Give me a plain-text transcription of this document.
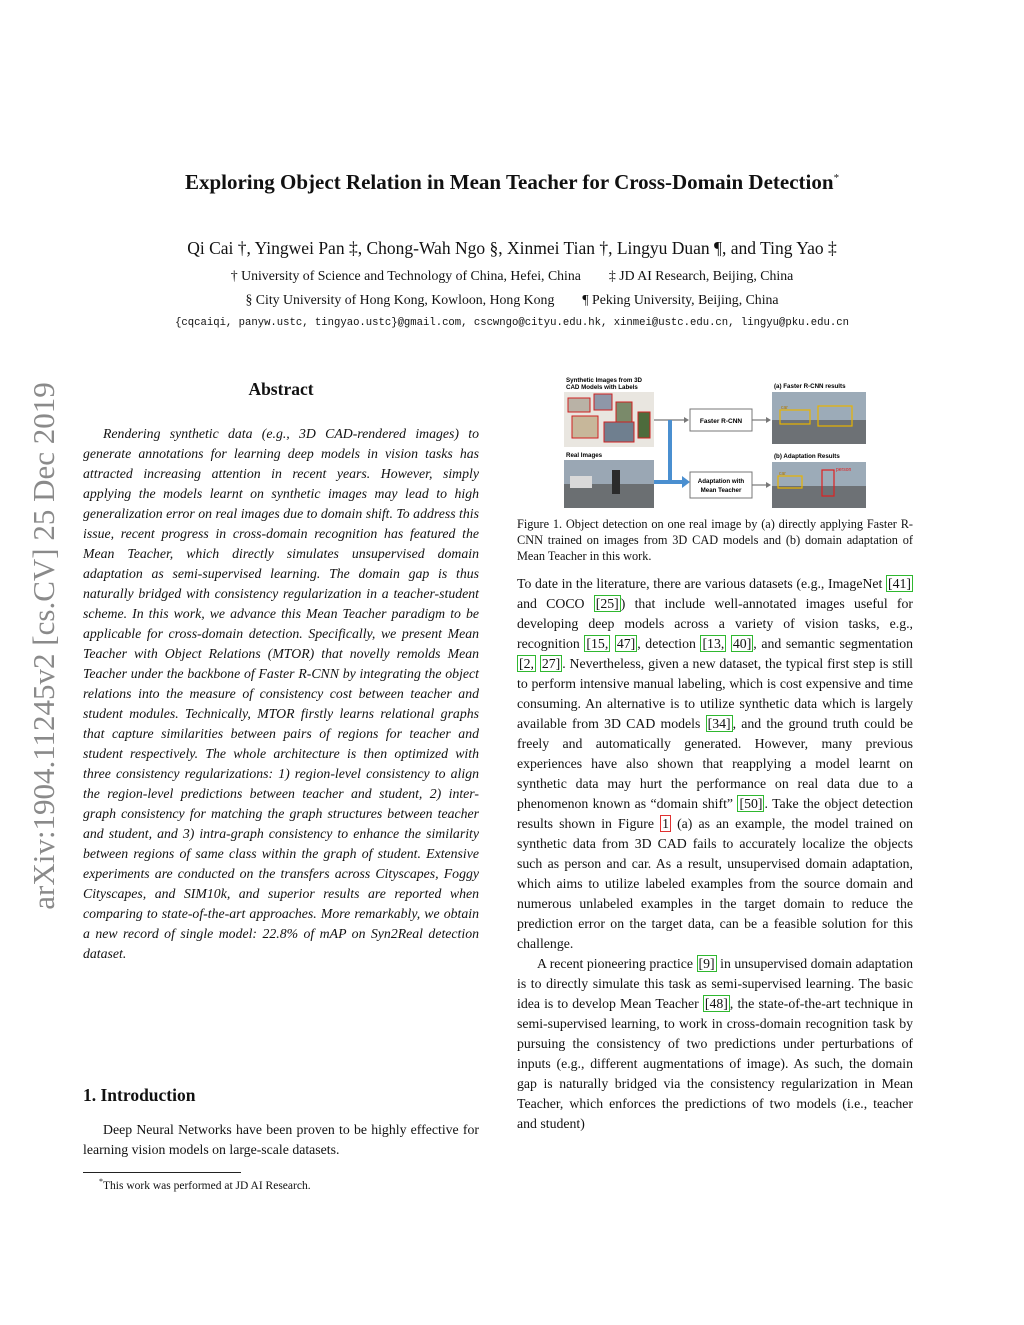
Exploring Object Relation in Mean Teacher for Cross-Domain Detection*
Qi Cai †, Yingwei Pan ‡, Chong-Wah Ngo §, Xinmei Tian †, Lingyu Duan ¶, and Ting Yao ‡
† University of Science and Technology of China, Hefei, China ‡ JD AI Research, Beijing, China
§ City University of Hong Kong, Kowloon, Hong Kong ¶ Peking University, Beijing, China
{cqcaiqi, panyw.ustc, tingyao.ustc}@gmail.com, cscwngo@cityu.edu.hk, xinmei@ustc.edu.cn, lingyu@pku.edu.cn
arXiv:1904.11245v2 [cs.CV] 25 Dec 2019	Abstract

Rendering synthetic data (e.g., 3D CAD-rendered images) to generate annotations for learning deep models in vision tasks has attracted increasing attention in recent years. However, simply applying the models learnt on synthetic images may lead to high generalization error on real images due to domain shift. To address this issue, recent progress in cross-domain recognition has featured the Mean Teacher, which directly simulates unsupervised domain adaptation as semi-supervised learning. The domain gap is thus naturally bridged with consistency regularization in a teacher-student scheme. In this work, we advance this Mean Teacher paradigm to be applicable for cross-domain detection. Specifically, we present Mean Teacher with Object Relations (MTOR) that novelly remolds Mean Teacher under the backbone of Faster R-CNN by integrating the object relations into the measure of consistency cost between teacher and student modules. Technically, MTOR firstly learns relational graphs that capture similarities between pairs of regions for teacher and student respectively. The whole architecture is then optimized with three consistency regularizations: 1) region-level consistency to align the region-level predictions between teacher and student, 2) inter-graph consistency for matching the graph structures between teacher and student, and 3) intra-graph consistency to enhance the similarity between regions of same class within the graph of student. Extensive experiments are conducted on the transfers across Cityscapes, Foggy Cityscapes, and SIM10k, and superior results are reported when comparing to state-of-the-art approaches. More remarkably, we obtain a new record of single model: 22.8% of mAP on Syn2Real detection dataset.

1. Introduction

Deep Neural Networks have been proven to be highly effective for learning vision models on large-scale datasets.

*This work was performed at JD AI Research.
Synthetic Images from 3D
CAD Models with Labels
Real Images
Faster R-CNN
Adaptation with
Mean Teacher
(a) Faster R-CNN results
car
(b) Adaptation Results
car
person
Figure 1. Object detection on one real image by (a) directly applying Faster R-CNN trained on images from 3D CAD models and (b) domain adaptation of Mean Teacher in this work.

To date in the literature, there are various datasets (e.g., ImageNet [41] and COCO [25] ) that include well-annotated images useful for developing deep models across a variety of vision tasks, e.g., recognition [15, 47] , detection [13, 40] , and semantic segmentation [2, 27] . Nevertheless, given a new dataset, the typical first step is still to perform intensive manual labeling, which is cost expensive and time consuming. An alternative is to utilize synthetic data which is largely available from 3D CAD models [34] , and the ground truth could be freely and automatically generated. However, many previous experiences have also shown that reapplying a model learnt on synthetic data may hurt the performance on real data due to a phenomenon known as “domain shift” [50] . Take the object detection results shown in Figure 1 (a) as an example, the model trained on synthetic data from 3D CAD fails to accurately localize the objects such as person and car. As a result, unsupervised domain adaptation, which aims to utilize labeled examples from the source domain and numerous unlabeled examples in the target domain to reduce the prediction error on the target data, can be a feasible solution for this challenge.

A recent pioneering practice [9] in unsupervised domain adaptation is to directly simulate this task as semi-supervised learning. The basic idea is to develop Mean Teacher [48] , the state-of-the-art technique in semi-supervised learning, to work in cross-domain recognition task by pursuing the consistency of two predictions under perturbations of inputs (e.g., different augmentations of image). As such, the domain gap is naturally bridged via the consistency regularization in Mean Teacher, which enforces the predictions of two models (i.e., teacher and student)
